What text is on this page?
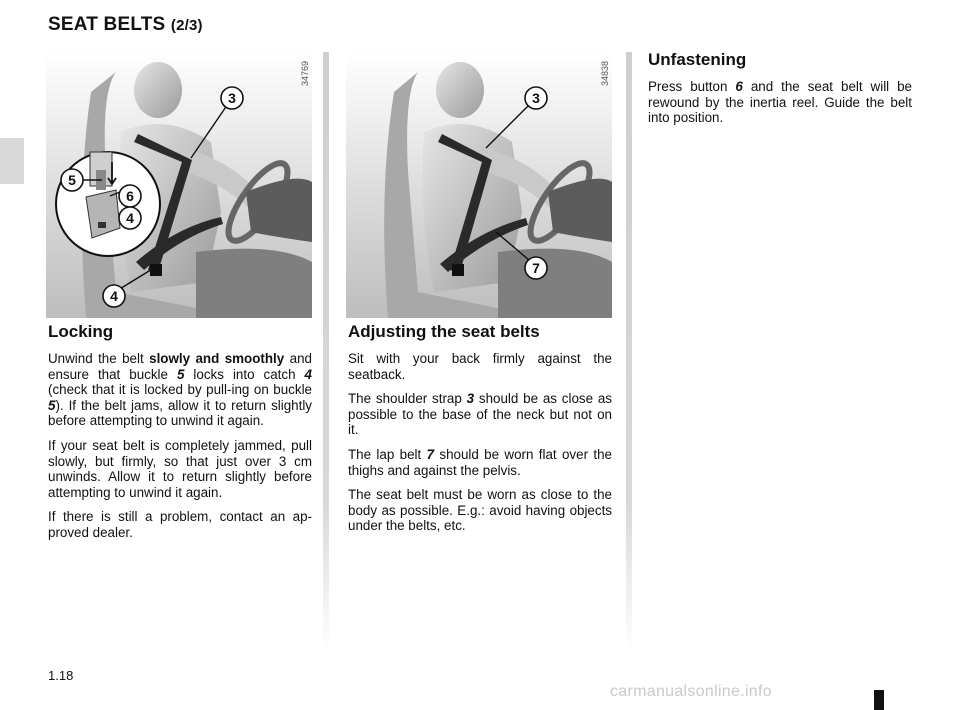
SEAT BELTS (2/3)
3
5
6
4
4
34769
3
7
34838
Locking

Unwind the belt slowly and smoothly and ensure that buckle 5 locks into catch 4 (check that it is locked by pull-ing on buckle 5). If the belt jams, allow it to return slightly before attempting to unwind it again.

If your seat belt is completely jammed, pull slowly, but firmly, so that just over 3 cm unwinds. Allow it to return slightly before attempting to unwind it again.

If there is still a problem, contact an ap-proved dealer.

Adjusting the seat belts

Sit with your back firmly against the seatback.

The shoulder strap 3 should be as close as possible to the base of the neck but not on it.

The lap belt 7 should be worn flat over the thighs and against the pelvis.

The seat belt must be worn as close to the body as possible. E.g.: avoid having objects under the belts, etc.

Unfastening

Press button 6 and the seat belt will be rewound by the inertia reel. Guide the belt into position.

1.18
carmanualsonline.info
